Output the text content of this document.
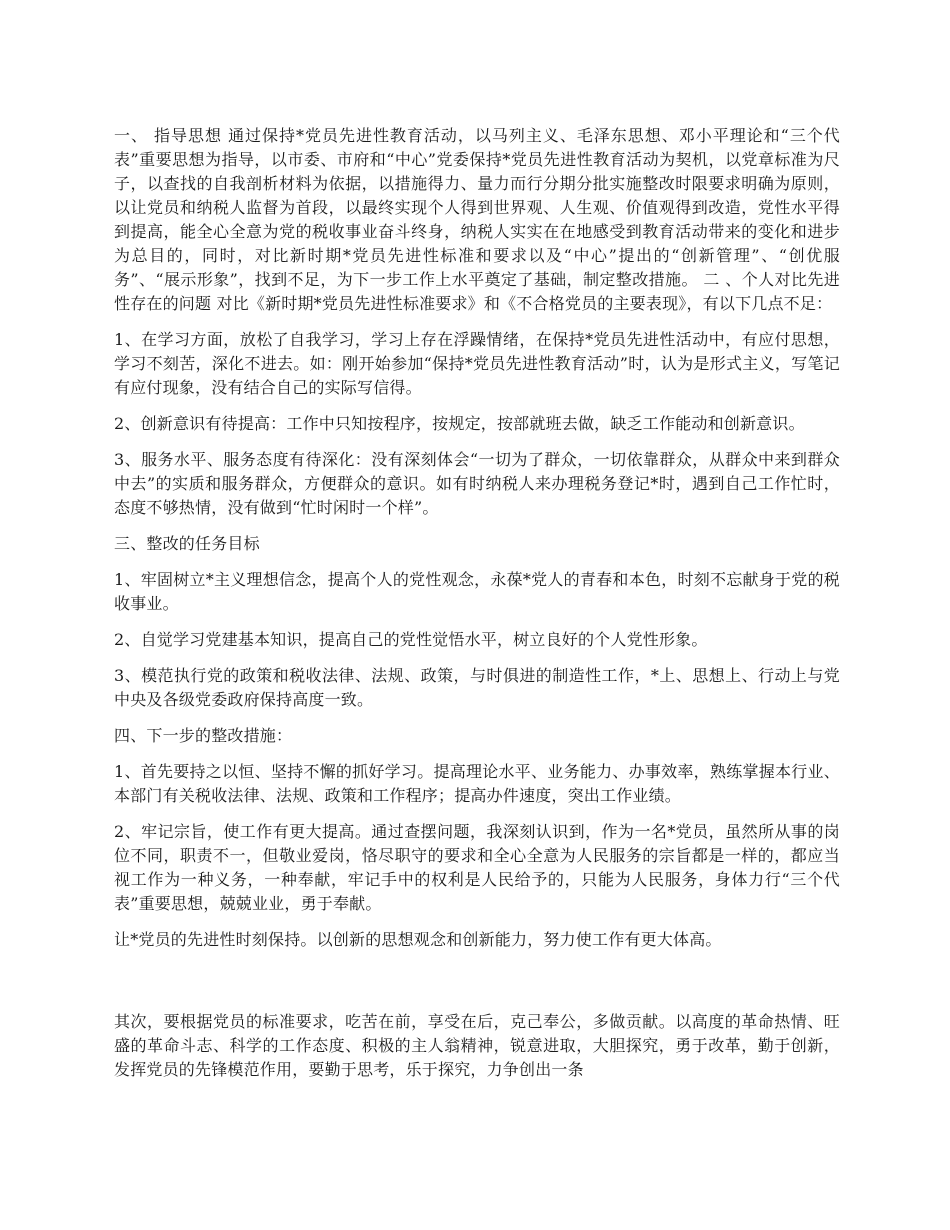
一、 指导思想 通过保持*党员先进性教育活动，以马列主义、毛泽东思想、邓小平理论和“三个代表”重要思想为指导，以市委、市府和“中心”党委保持*党员先进性教育活动为契机，以党章标准为尺子，以查找的自我剖析材料为依据，以措施得力、量力而行分期分批实施整改时限要求明确为原则，以让党员和纳税人监督为首段，以最终实现个人得到世界观、人生观、价值观得到改造，党性水平得到提高，能全心全意为党的税收事业奋斗终身，纳税人实实在在地感受到教育活动带来的变化和进步为总目的，同时，对比新时期*党员先进性标准和要求以及“中心”提出的“创新管理”、“创优服务”、“展示形象”，找到不足，为下一步工作上水平奠定了基础，制定整改措施。 二 、个人对比先进性存在的问题 对比《新时期*党员先进性标准要求》和《不合格党员的主要表现》，有以下几点不足：

1、在学习方面，放松了自我学习，学习上存在浮躁情绪，在保持*党员先进性活动中，有应付思想，学习不刻苦，深化不进去。如：刚开始参加“保持*党员先进性教育活动”时，认为是形式主义，写笔记有应付现象，没有结合自己的实际写信得。

2、创新意识有待提高：工作中只知按程序，按规定，按部就班去做，缺乏工作能动和创新意识。

3、服务水平、服务态度有待深化：没有深刻体会“一切为了群众，一切依靠群众，从群众中来到群众中去”的实质和服务群众，方便群众的意识。如有时纳税人来办理税务登记*时，遇到自己工作忙时，态度不够热情，没有做到“忙时闲时一个样”。

三、整改的任务目标

1、牢固树立*主义理想信念，提高个人的党性观念，永葆*党人的青春和本色，时刻不忘献身于党的税收事业。

2、自觉学习党建基本知识，提高自己的党性觉悟水平，树立良好的个人党性形象。

3、模范执行党的政策和税收法律、法规、政策，与时俱进的制造性工作，*上、思想上、行动上与党中央及各级党委政府保持高度一致。

四、下一步的整改措施：

1、首先要持之以恒、坚持不懈的抓好学习。提高理论水平、业务能力、办事效率，熟练掌握本行业、本部门有关税收法律、法规、政策和工作程序；提高办件速度，突出工作业绩。

2、牢记宗旨，使工作有更大提高。通过查摆问题，我深刻认识到，作为一名*党员，虽然所从事的岗位不同，职责不一，但敬业爱岗，恪尽职守的要求和全心全意为人民服务的宗旨都是一样的，都应当视工作为一种义务，一种奉献，牢记手中的权利是人民给予的，只能为人民服务，身体力行“三个代表”重要思想，兢兢业业，勇于奉献。

让*党员的先进性时刻保持。以创新的思想观念和创新能力，努力使工作有更大体高。

其次，要根据党员的标准要求，吃苦在前，享受在后，克己奉公，多做贡献。以高度的革命热情、旺盛的革命斗志、科学的工作态度、积极的主人翁精神，锐意进取，大胆探究，勇于改革，勤于创新，发挥党员的先锋模范作用，要勤于思考，乐于探究，力争创出一条
